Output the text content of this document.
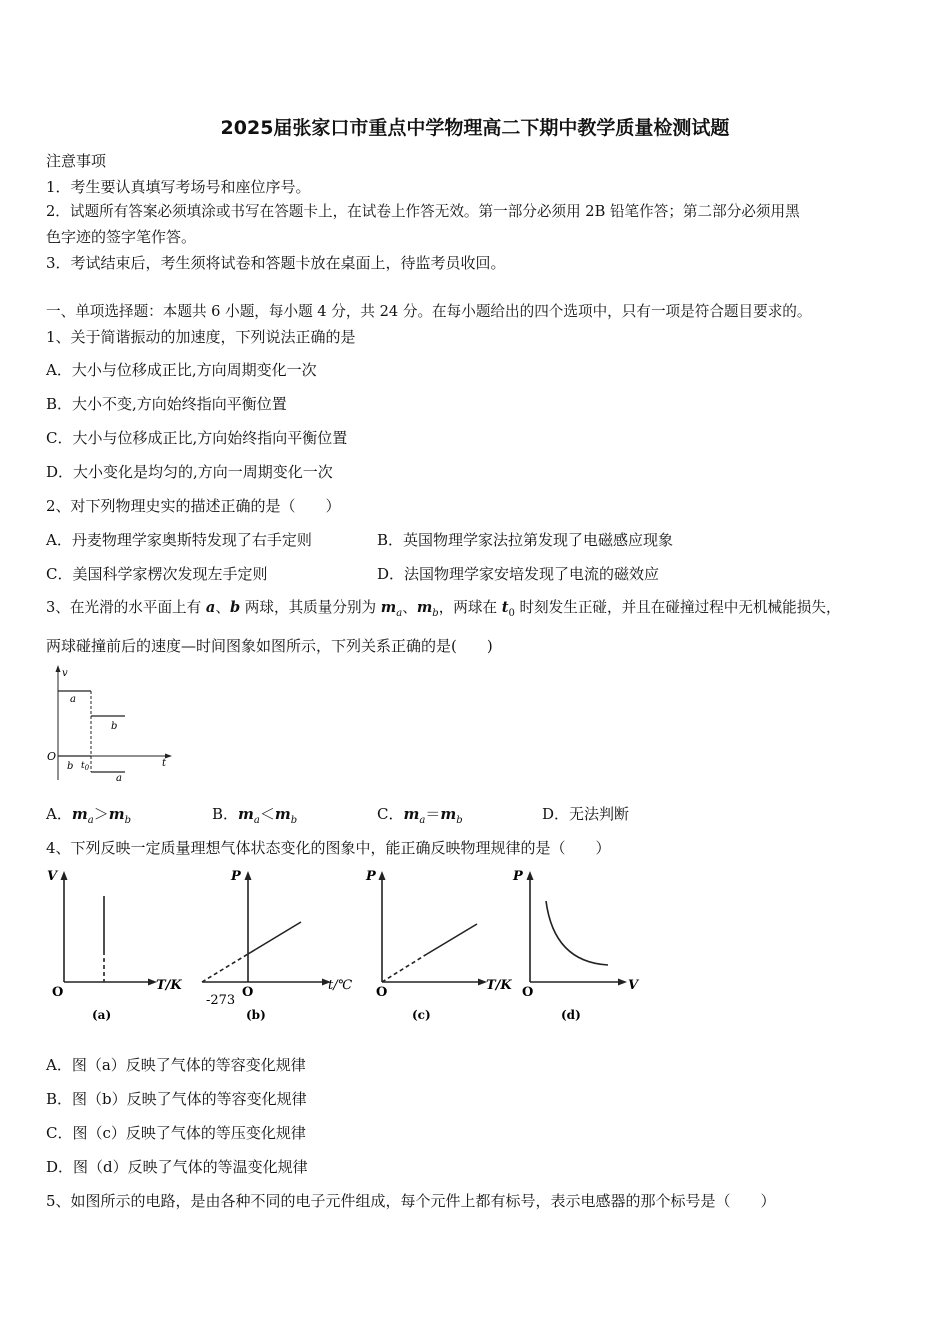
2025届张家口市重点中学物理高二下期中教学质量检测试题
注意事项
1．考生要认真填写考场号和座位序号。
2．试题所有答案必须填涂或书写在答题卡上，在试卷上作答无效。第一部分必须用 2B 铅笔作答；第二部分必须用黑
色字迹的签字笔作答。
3．考试结束后，考生须将试卷和答题卡放在桌面上，待监考员收回。
一、单项选择题：本题共 6 小题，每小题 4 分，共 24 分。在每小题给出的四个选项中，只有一项是符合题目要求的。
1、关于简谐振动的加速度，下列说法正确的是
A．大小与位移成正比,方向周期变化一次
B．大小不变,方向始终指向平衡位置
C．大小与位移成正比,方向始终指向平衡位置
D．大小变化是均匀的,方向一周期变化一次
2、对下列物理史实的描述正确的是（　　）
A．丹麦物理学家奥斯特发现了右手定则	B．英国物理学家法拉第发现了电磁感应现象
C．美国科学家楞次发现左手定则	D．法国物理学家安培发现了电流的磁效应
3、在光滑的水平面上有 a、b 两球，其质量分别为 $m_a$、$m_b$，两球在 $t_0$ 时刻发生正碰，并且在碰撞过程中无机械能损失，
两球碰撞前后的速度—时间图象如图所示，下列关系正确的是(　　)
v
O
t
a
b
b $t_0$
a
A．$m_a>m_b$	B．$m_a<m_b$	C．$m_a=m_b$	D．无法判断
4、下列反映一定质量理想气体状态变化的图象中，能正确反映物理规律的是（　　）
V
T/K
O
(a)
P
t/℃
O
-273
(b)
P
T/K
O
(c)
P
V
O
(d)
A．图（a）反映了气体的等容变化规律
B．图（b）反映了气体的等容变化规律
C．图（c）反映了气体的等压变化规律
D．图（d）反映了气体的等温变化规律
5、如图所示的电路，是由各种不同的电子元件组成，每个元件上都有标号，表示电感器的那个标号是（　　）
